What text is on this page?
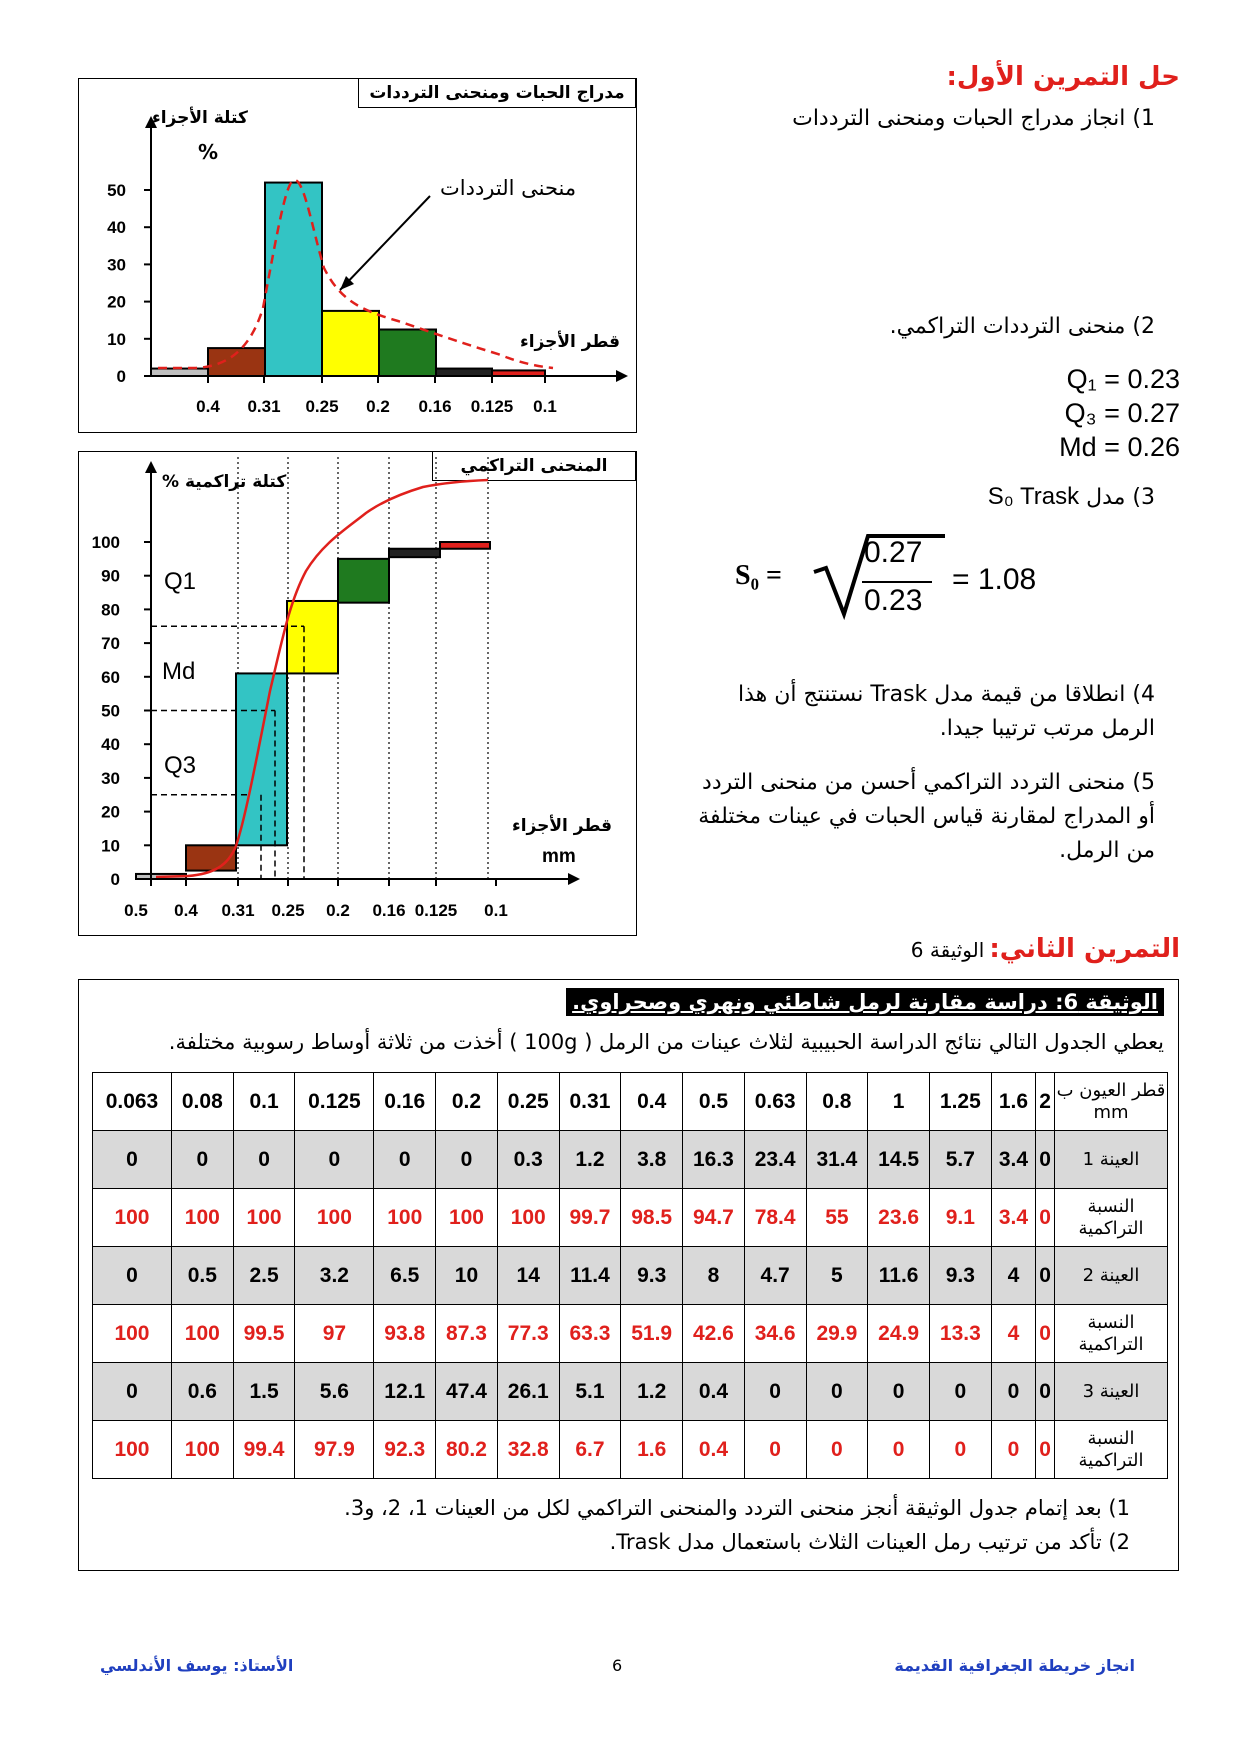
حل التمرين الأول:
1) انجاز مدراج الحبات ومنحنى الترددات
2) منحنى الترددات التراكمي.
Q₁ = 0.23
Q₃ = 0.27
Md = 0.26
3) مدل S₀ Trask
S₀ =
0.27
0.23
= 1.08
4) انطلاقا من قيمة مدل Trask نستنتج أن هذا الرمل مرتب ترتيبا جيدا.
5) منحنى التردد التراكمي أحسن من منحنى التردد أو المدراج لمقارنة قياس الحبات في عينات مختلفة من الرمل.
مدراج الحبات ومنحنى الترددات
0
10
20
30
40
50
0.4 0.31 0.25 0.2 0.16 0.125 0.1
كتلة الأجزاء
%
منحنى الترددات
قطر الأجزاء
المنحنى التراكمي
0
10
20
30
40
50
60
70
80
90
100
0.5 0.4 0.31 0.25 0.2 0.16 0.125 0.1
كتلة تراكمية %
قطر الأجزاء
mm
Q1
Md
Q3
التمرين الثاني: الوثيقة 6
الوثيقة 6: دراسة مقارنة لرمل شاطئي ونهري وصحراوي.
يعطي الجدول التالي نتائج الدراسة الحبيبية لثلاث عينات من الرمل ( 100g ) أخذت من ثلاثة أوساط رسوبية مختلفة.
0.063	0.08	0.1	0.125	0.16	0.2	0.25	0.31	0.4	0.5	0.63	0.8	1	1.25	1.6	2	قطر العيون ب mm
0	0	0	0	0	0	0.3	1.2	3.8	16.3	23.4	31.4	14.5	5.7	3.4	0	العينة 1
100	100	100	100	100	100	100	99.7	98.5	94.7	78.4	55	23.6	9.1	3.4	0	النسبة التراكمية
0	0.5	2.5	3.2	6.5	10	14	11.4	9.3	8	4.7	5	11.6	9.3	4	0	العينة 2
100	100	99.5	97	93.8	87.3	77.3	63.3	51.9	42.6	34.6	29.9	24.9	13.3	4	0	النسبة التراكمية
0	0.6	1.5	5.6	12.1	47.4	26.1	5.1	1.2	0.4	0	0	0	0	0	0	العينة 3
100	100	99.4	97.9	92.3	80.2	32.8	6.7	1.6	0.4	0	0	0	0	0	0	النسبة التراكمية
1) بعد إتمام جدول الوثيقة أنجز منحنى التردد والمنحنى التراكمي لكل من العينات 1، 2، و3.
2) تأكد من ترتيب رمل العينات الثلاث باستعمال مدل Trask.
انجاز خريطة الجغرافية القديمة
6
الأستاذ: يوسف الأندلسي
